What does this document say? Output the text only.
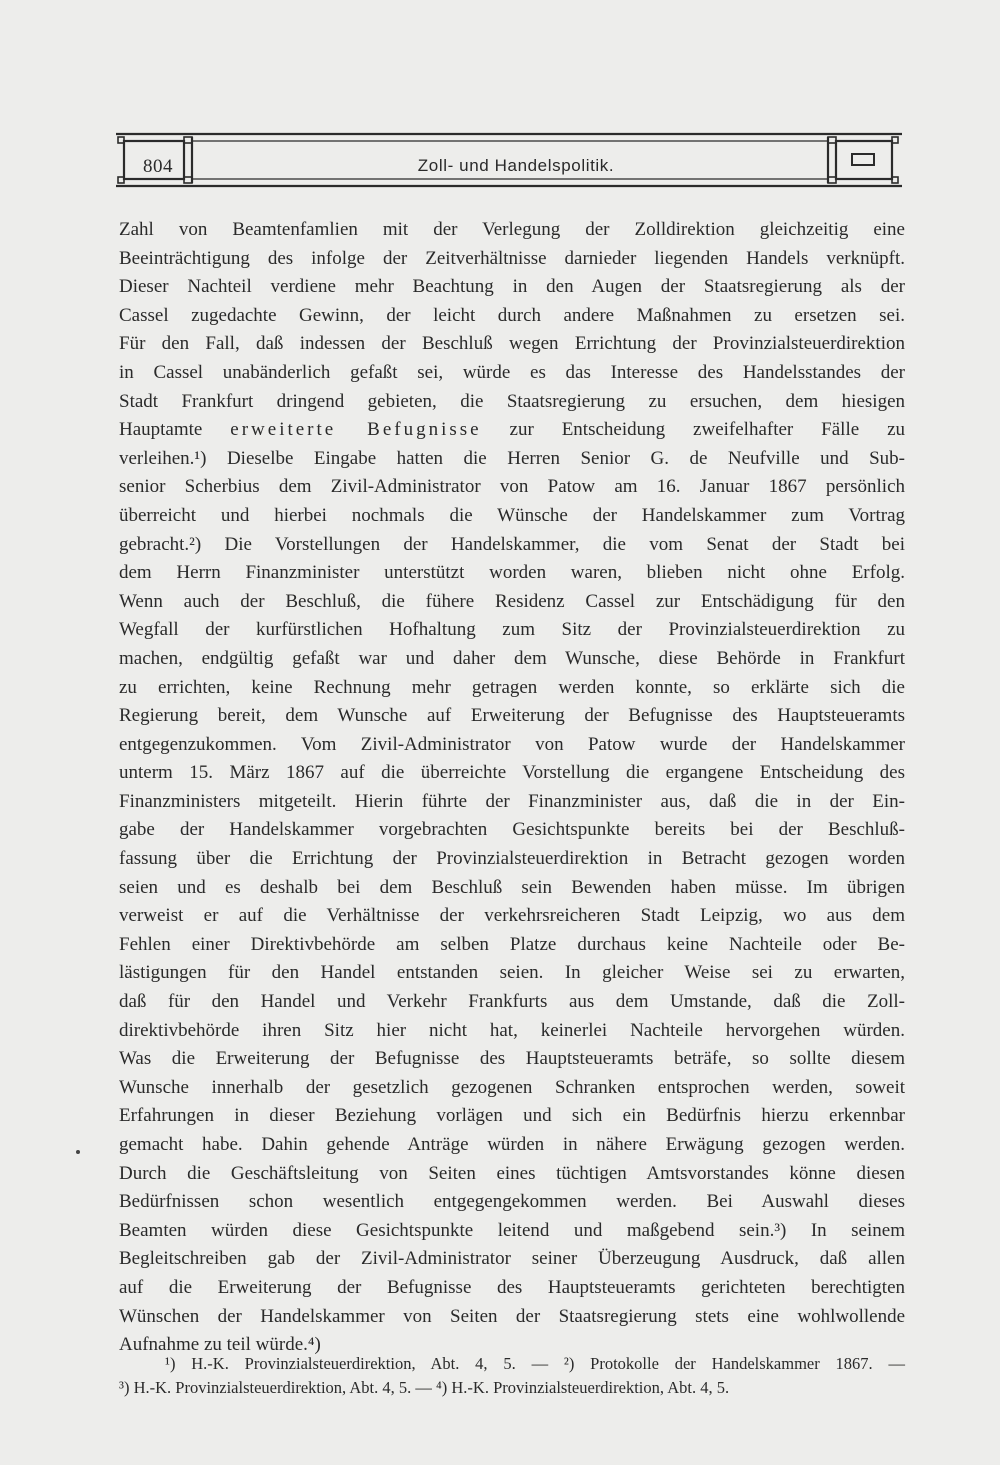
804	Zoll- und Handelspolitik.
Zahl von Beamtenfamlien mit der Verlegung der Zolldirektion gleichzeitig eine
Beeinträchtigung des infolge der Zeitverhältnisse darnieder liegenden Handels verknüpft.
Dieser Nachteil verdiene mehr Beachtung in den Augen der Staatsregierung als der
Cassel zugedachte Gewinn, der leicht durch andere Maßnahmen zu ersetzen sei.
Für den Fall, daß indessen der Beschluß wegen Errichtung der Provinzialsteuerdirektion
in Cassel unabänderlich gefaßt sei, würde es das Interesse des Handelsstandes der
Stadt Frankfurt dringend gebieten, die Staatsregierung zu ersuchen, dem hiesigen
Hauptamte erweiterte Befugnisse zur Entscheidung zweifelhafter Fälle zu
verleihen.¹) Dieselbe Eingabe hatten die Herren Senior G. de Neufville und Sub-
senior Scherbius dem Zivil-Administrator von Patow am 16. Januar 1867 persönlich
überreicht und hierbei nochmals die Wünsche der Handelskammer zum Vortrag
gebracht.²) Die Vorstellungen der Handelskammer, die vom Senat der Stadt bei
dem Herrn Finanzminister unterstützt worden waren, blieben nicht ohne Erfolg.
Wenn auch der Beschluß, die fühere Residenz Cassel zur Entschädigung für den
Wegfall der kurfürstlichen Hofhaltung zum Sitz der Provinzialsteuerdirektion zu
machen, endgültig gefaßt war und daher dem Wunsche, diese Behörde in Frankfurt
zu errichten, keine Rechnung mehr getragen werden konnte, so erklärte sich die
Regierung bereit, dem Wunsche auf Erweiterung der Befugnisse des Hauptsteueramts
entgegenzukommen. Vom Zivil-Administrator von Patow wurde der Handelskammer
unterm 15. März 1867 auf die überreichte Vorstellung die ergangene Entscheidung des
Finanzministers mitgeteilt. Hierin führte der Finanzminister aus, daß die in der Ein-
gabe der Handelskammer vorgebrachten Gesichtspunkte bereits bei der Beschluß-
fassung über die Errichtung der Provinzialsteuerdirektion in Betracht gezogen worden
seien und es deshalb bei dem Beschluß sein Bewenden haben müsse. Im übrigen
verweist er auf die Verhältnisse der verkehrsreicheren Stadt Leipzig, wo aus dem
Fehlen einer Direktivbehörde am selben Platze durchaus keine Nachteile oder Be-
lästigungen für den Handel entstanden seien. In gleicher Weise sei zu erwarten,
daß für den Handel und Verkehr Frankfurts aus dem Umstande, daß die Zoll-
direktivbehörde ihren Sitz hier nicht hat, keinerlei Nachteile hervorgehen würden.
Was die Erweiterung der Befugnisse des Hauptsteueramts beträfe, so sollte diesem
Wunsche innerhalb der gesetzlich gezogenen Schranken entsprochen werden, soweit
Erfahrungen in dieser Beziehung vorlägen und sich ein Bedürfnis hierzu erkennbar
gemacht habe. Dahin gehende Anträge würden in nähere Erwägung gezogen werden.
Durch die Geschäftsleitung von Seiten eines tüchtigen Amtsvorstandes könne diesen
Bedürfnissen schon wesentlich entgegengekommen werden. Bei Auswahl dieses
Beamten würden diese Gesichtspunkte leitend und maßgebend sein.³) In seinem
Begleitschreiben gab der Zivil-Administrator seiner Überzeugung Ausdruck, daß allen
auf die Erweiterung der Befugnisse des Hauptsteueramts gerichteten berechtigten
Wünschen der Handelskammer von Seiten der Staatsregierung stets eine wohlwollende
Aufnahme zu teil würde.⁴)
¹) H.-K. Provinzialsteuerdirektion, Abt. 4, 5. — ²) Protokolle der Handelskammer 1867. —
³) H.-K. Provinzialsteuerdirektion, Abt. 4, 5. — ⁴) H.-K. Provinzialsteuerdirektion, Abt. 4, 5.
